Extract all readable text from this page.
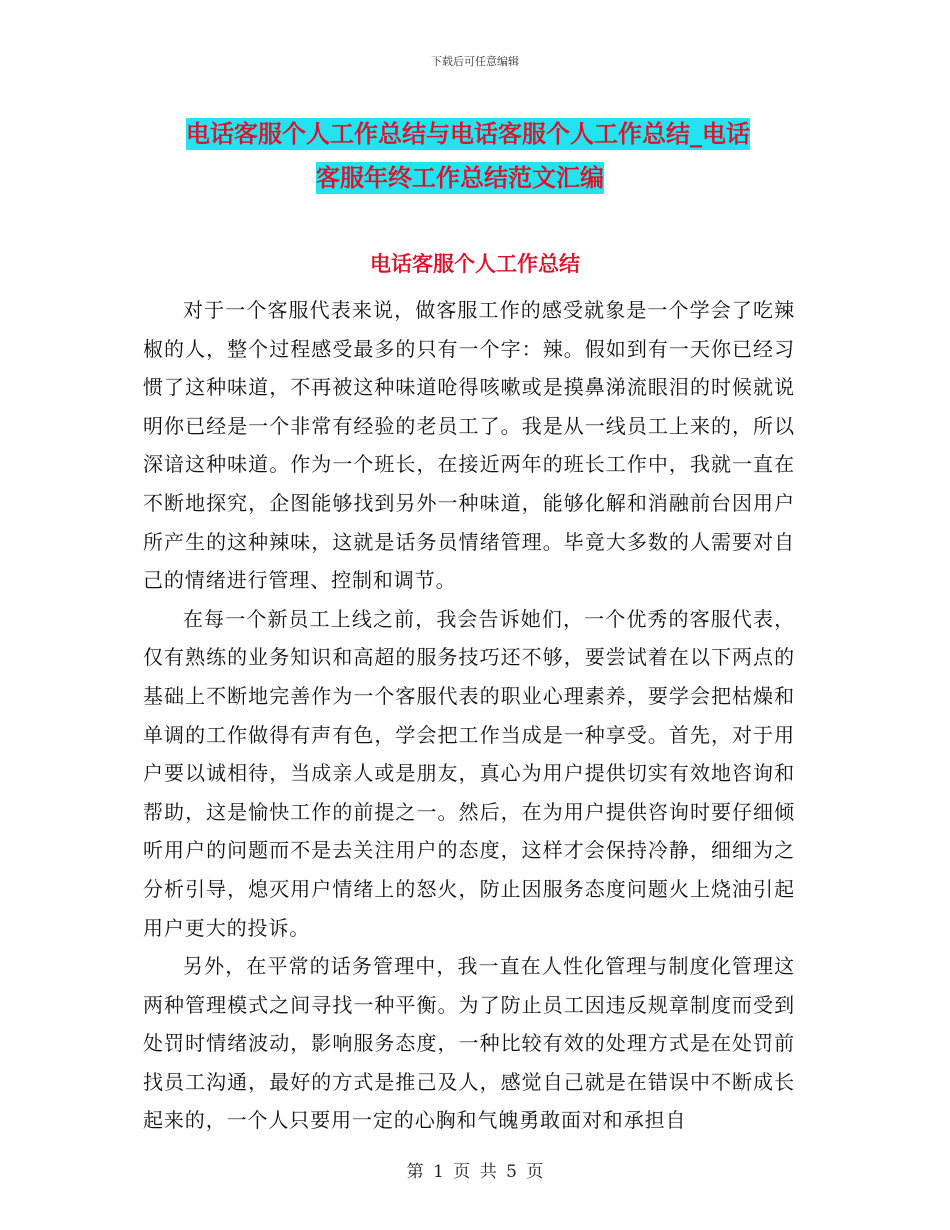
下载后可任意编辑
电话客服个人工作总结与电话客服个人工作总结_电话
客服年终工作总结范文汇编
电话客服个人工作总结

对于一个客服代表来说，做客服工作的感受就象是一个学会了吃辣椒的人，整个过程感受最多的只有一个字：辣。假如到有一天你已经习惯了这种味道，不再被这种味道呛得咳嗽或是摸鼻涕流眼泪的时候就说明你已经是一个非常有经验的老员工了。我是从一线员工上来的，所以深谙这种味道。作为一个班长，在接近两年的班长工作中，我就一直在不断地探究，企图能够找到另外一种味道，能够化解和消融前台因用户所产生的这种辣味，这就是话务员情绪管理。毕竟大多数的人需要对自己的情绪进行管理、控制和调节。

在每一个新员工上线之前，我会告诉她们，一个优秀的客服代表，仅有熟练的业务知识和高超的服务技巧还不够，要尝试着在以下两点的基础上不断地完善作为一个客服代表的职业心理素养，要学会把枯燥和单调的工作做得有声有色，学会把工作当成是一种享受。首先，对于用户要以诚相待，当成亲人或是朋友，真心为用户提供切实有效地咨询和帮助，这是愉快工作的前提之一。然后，在为用户提供咨询时要仔细倾听用户的问题而不是去关注用户的态度，这样才会保持冷静，细细为之分析引导，熄灭用户情绪上的怒火，防止因服务态度问题火上烧油引起用户更大的投诉。

另外，在平常的话务管理中，我一直在人性化管理与制度化管理这两种管理模式之间寻找一种平衡。为了防止员工因违反规章制度而受到处罚时情绪波动，影响服务态度，一种比较有效的处理方式是在处罚前找员工沟通，最好的方式是推己及人，感觉自己就是在错误中不断成长起来的，一个人只要用一定的心胸和气魄勇敢面对和承担自

第 1 页 共 5 页
